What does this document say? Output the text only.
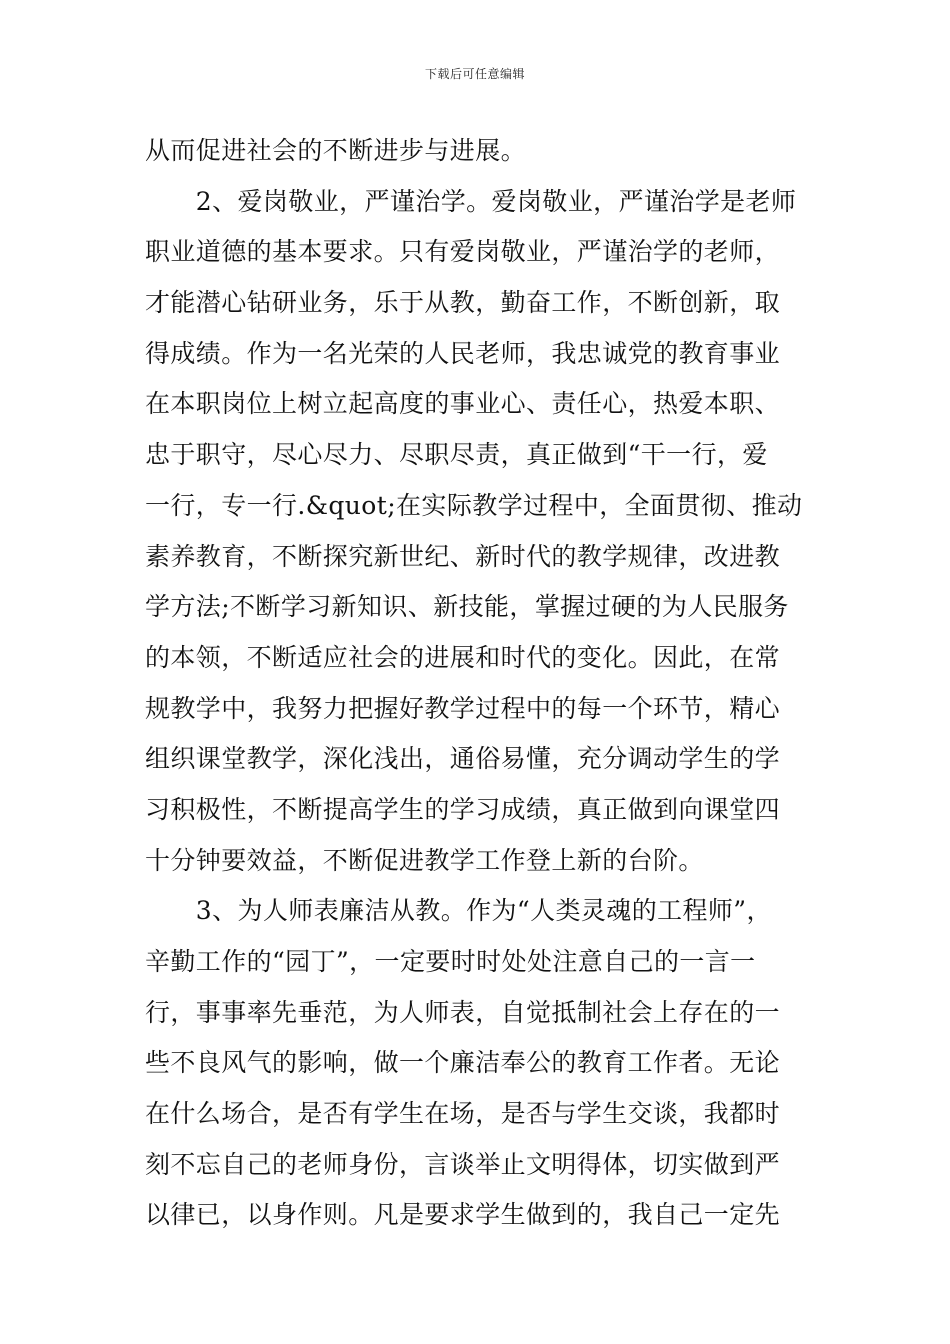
下载后可任意编辑
从而促进社会的不断进步与进展。
　　2、爱岗敬业，严谨治学。爱岗敬业，严谨治学是老师
职业道德的基本要求。只有爱岗敬业，严谨治学的老师，
才能潜心钻研业务，乐于从教，勤奋工作，不断创新，取
得成绩。作为一名光荣的人民老师，我忠诚党的教育事业
在本职岗位上树立起高度的事业心、责任心，热爱本职、
忠于职守，尽心尽力、尽职尽责，真正做到“干一行，爱
一行，专一行.&quot;在实际教学过程中，全面贯彻、推动
素养教育，不断探究新世纪、新时代的教学规律，改进教
学方法;不断学习新知识、新技能，掌握过硬的为人民服务
的本领，不断适应社会的进展和时代的变化。因此，在常
规教学中，我努力把握好教学过程中的每一个环节，精心
组织课堂教学，深化浅出，通俗易懂，充分调动学生的学
习积极性，不断提高学生的学习成绩，真正做到向课堂四
十分钟要效益，不断促进教学工作登上新的台阶。
　　3、为人师表廉洁从教。作为“人类灵魂的工程师”，
辛勤工作的“园丁”，一定要时时处处注意自己的一言一
行，事事率先垂范，为人师表，自觉抵制社会上存在的一
些不良风气的影响，做一个廉洁奉公的教育工作者。无论
在什么场合，是否有学生在场，是否与学生交谈，我都时
刻不忘自己的老师身份，言谈举止文明得体，切实做到严
以律已，以身作则。凡是要求学生做到的，我自己一定先
